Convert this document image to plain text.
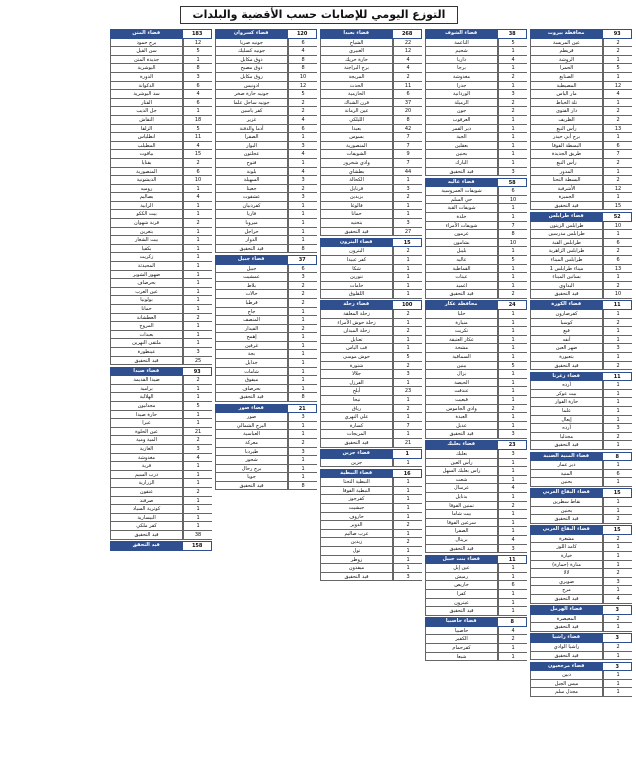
التوزع اليومي للإصابات حسب الأقضية والبلدات
محافظة بيروت	93
عين المريسة	2
قريطم	2
الروشة	1
الحمرا	5
الصنايع	1
المصيطبة	12
مار الياس	4
تلة الخياط	1
دار الفتوى	2
الظريف	2
رأس النبع	13
برج أبي حيدر	1
البسطة الفوقا	6
طريق الجديدة	7
رأس النبع	2
المدور	1
البسطة التحتا	2
الأشرفية	12
الجميزة	1
قيد التحقيق	15
قضاء طرابلس	52
طرابلس الزيتون	10
طرابلس مدرسين	1
طرابلس القبة	6
طرابلس الزاهرية	2
طرابلس الميناء	6
ميناء طرابلس 1	13
بساتين الميناء	1
البداوي	2
قيد التحقيق	10
قضاء الكورة	11
كفرصارون	1
كوسبا	2
فيع	1
أنفه	1
ضهر العين	3
بتعبورة	1
قيد التحقيق	2
قضاء زغرتا	11
أرده	1
بيت عوكر	1
حارة الفوار	1
علما	1
إيعال	1
أرده	3
مجدليا	2
قيد التحقيق	1
قضاء المنية الضنية	8
دير عمار	1
المنية	6
بحنين	1
قضاء البقاع الغربي	15
نقاط سطرين	1
بحنين	1
قيد التحقيق	2
قضاء البقاع الغربي	15
مشغرة	2
كامد اللوز	1
خيارة	1
منارة (حمارة)	1
لالا	2
صويري	3
مرج	1
قيد التحقيق	4
قضاء الهرمل	3
المعيصرة	2
قيد التحقيق	1
قضاء راشيا	3
راشيا الوادي	2
قيد التحقيق	1
قضاء مرجعيون	3
دبين	1
ميس الجبل	1
مجدل سلم	1
قضاء الشوف	38
الناعمة	5
شحيم	1
داريا	4
برجا	1
مغدوشة	2
جدرا	1
الوردانية	3
الرميلة	2
جون	2
العرقوب	1
دير القمر	1
الجية	1
بعقلين	1
بحنين	1
البارك	1
قيد التحقيق	3
قضاء عاليه	58
شويفات العمروسية	6
حي السلم	10
شويفات القبة	1
خلدة	1
شويفات الأمراء	7
عرمون	8
بشامون	10
بليبل	1
عاليه	5
القماطية	1
عيتات	1
اغميد	1
قيد التحقيق	2
محافظة عكار	24
حلبا	1
منيارة	1
تكريت	1
عكار العتيقة	1
مشحة	1
السماقية	1
ببنين	5
بزال	1
الحيصة	1
عندقت	1
قبعيت	1
وادي الجاموس	2
العبدة	1
عدبل	1
قيد التحقيق	3
قضاء بعلبك	23
بعلبك	3
رأس العين	1
راس بعلبك السهل	1
شعت	1
عرسال	4
بدنايل	1
تمنين الفوقا	2
بيت شاما	1
سرعين الفوقا	1
الصفرا	1
بريتال	4
قيد التحقيق	3
قضاء بنت جبيل	11
عين إبل	1
رميش	1
حاريص	6
كفرا	1
عيترون	1
قيد التحقيق	1
قضاء حاصبيا	8
حاصبيا	4
الكفير	2
كفرحمام	1
شبعا	1
قضاء بعبدا	268
الشياح	22
الغبيري	12
حارة حريك	4
برج البراجنة	4
المريجة	2
الحدث	11
الحازمية	6
فرن الشباك	37
عين الرمانة	20
الليلكي	8
بعبدا	42
بسوس	7
المنصورية	7
الشويفات	9
وادي شحرور	7
بطشاي	44
الكحالة	1
قرنايل	3
بزبدين	2
فالوغا	1
حمانا	1
بتخنيه	3
قيد التحقيق	27
قضاء البترون	15
البترون	2
كفر عبيدا	1
شكا	1
تنورين	1
حامات	1
اللقلوق	1
قضاء زحلة	100
زحلة المعلقة	2
زحلة حوش الأمراء	1
زحلة الميدان	2
تعنايل	1
قب الياس	1
حوش موسى	5
شتورة	2
جلالا	3
الفرزل	1
أبلح	23
نيحا	1
رياق	2
علي النهري	1
كسارة	7
المريجات	1
قيد التحقيق	21
قضاء جزين	1
جزين	1
قضاء النبطية	16
النبطية التحتا	1
النبطية الفوقا	1
كفرجوز	1
جبشيت	1
حاروف	1
الدوير	2
عرب صاليم	1
زبدين	2
تول	1
زوطر	1
ميفدون	1
قيد التحقيق	3
قضاء كسروان	120
جونيه صربا	6
جونيه كسليك	4
ذوق مكايل	8
ذوق مصبح	8
زوق مكايل	10
ادونيس	12
جونيه حارة صخر	5
جونيه ساحل علما	2
كفر ياسين	2
غزير	4
أدما والدفنة	6
الصفرا	1
البوار	3
عجلتون	4
فتوح	1
بلونة	4
السهيلة	3
جعيتا	2
عشقوت	3
كفرذبيان	1
فاريا	1
ميروبا	1
حراجل	1
الدوار	1
قيد التحقيق	8
قضاء جبيل	37
جبيل	6
عمشيت	3
بلاط	2
حالات	2
قرطبا	2
جاج	1
المنصف	1
الفيدار	2
إهمج	1
غرفين	1
بجة	1
جدايل	1
شامات	1
ميفوق	1
بحرصاف	1
قيد التحقيق	8
قضاء صور	21
صور	3
البرج الشمالي	1
العباسية	1
معركة	2
طيردبا	3
شحور	1
برج رحال	1
جويا	1
قيد التحقيق	8
قضاء المتن	183
برج حمود	12
سن الفيل	5
جديدة المتن	1
البوشرية	8
الدورة	3
الدكوانة	6
سد البوشرية	4
الفنار	6
جل الديب	1
النقاش	18
الزلقا	5
انطلياس	11
المطيلب	4
بياقوت	15
بقنايا	2
المنصورية	6
الديشونية	10
روميه	1
بصاليم	4
الرابية	1
بيت الككو	1
قرنة شهوان	2
بتغرين	1
بيت الشعار	1
بكفيا	1
زكريت	1
المحيدثة	1
ضهور الشوير	1
بحرصاف	1
عين العرب	1
بولونيا	1
حمانا	1
العطشانة	2
المروج	1
بعبدات	1
ملتقى النهرين	1
عينطورة	3
قيد التحقيق	25
قضاء صيدا	93
صيدا القديمة	2
برامية	1
الهلالية	1
مجدليون	5
حارة صيدا	1
عبرا	1
عين الحلوة	21
المية ومية	2
الغازية	3
مغدوشة	4
قرية	1
درب السيم	1
الزرارية	1
عنقون	2
صرفند	1
كوثرية السياد	1
البيسارية	1
كفر ملكي	1
قيد التحقيق	38
قيد التحقق	158
